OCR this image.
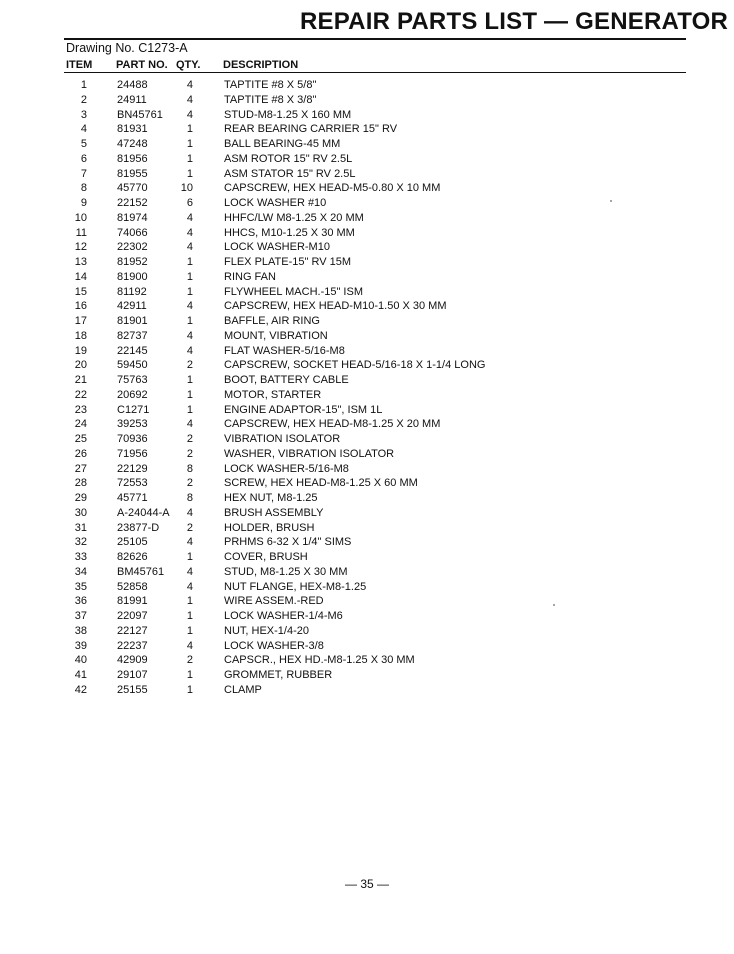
REPAIR PARTS LIST — GENERATOR
Drawing No. C1273-A
ITEM PART NO. QTY. DESCRIPTION
1	24488	4	TAPTITE #8 X 5/8"
2	24911	4	TAPTITE #8 X 3/8"
3	BN45761	4	STUD-M8-1.25 X 160 MM
4	81931	1	REAR BEARING CARRIER 15" RV
5	47248	1	BALL BEARING-45 MM
6	81956	1	ASM ROTOR 15" RV 2.5L
7	81955	1	ASM STATOR 15" RV 2.5L
8	45770	10	CAPSCREW, HEX HEAD-M5-0.80 X 10 MM
9	22152	6	LOCK WASHER #10
10	81974	4	HHFC/LW M8-1.25 X 20 MM
11	74066	4	HHCS, M10-1.25 X 30 MM
12	22302	4	LOCK WASHER-M10
13	81952	1	FLEX PLATE-15" RV 15M
14	81900	1	RING FAN
15	81192	1	FLYWHEEL MACH.-15" ISM
16	42911	4	CAPSCREW, HEX HEAD-M10-1.50 X 30 MM
17	81901	1	BAFFLE, AIR RING
18	82737	4	MOUNT, VIBRATION
19	22145	4	FLAT WASHER-5/16-M8
20	59450	2	CAPSCREW, SOCKET HEAD-5/16-18 X 1-1/4 LONG
21	75763	1	BOOT, BATTERY CABLE
22	20692	1	MOTOR, STARTER
23	C1271	1	ENGINE ADAPTOR-15", ISM 1L
24	39253	4	CAPSCREW, HEX HEAD-M8-1.25 X 20 MM
25	70936	2	VIBRATION ISOLATOR
26	71956	2	WASHER, VIBRATION ISOLATOR
27	22129	8	LOCK WASHER-5/16-M8
28	72553	2	SCREW, HEX HEAD-M8-1.25 X 60 MM
29	45771	8	HEX NUT, M8-1.25
30	A-24044-A	4	BRUSH ASSEMBLY
31	23877-D	2	HOLDER, BRUSH
32	25105	4	PRHMS 6-32 X 1/4" SIMS
33	82626	1	COVER, BRUSH
34	BM45761	4	STUD, M8-1.25 X 30 MM
35	52858	4	NUT FLANGE, HEX-M8-1.25
36	81991	1	WIRE ASSEM.-RED
37	22097	1	LOCK WASHER-1/4-M6
38	22127	1	NUT, HEX-1/4-20
39	22237	4	LOCK WASHER-3/8
40	42909	2	CAPSCR., HEX HD.-M8-1.25 X 30 MM
41	29107	1	GROMMET, RUBBER
42	25155	1	CLAMP
— 35 —
